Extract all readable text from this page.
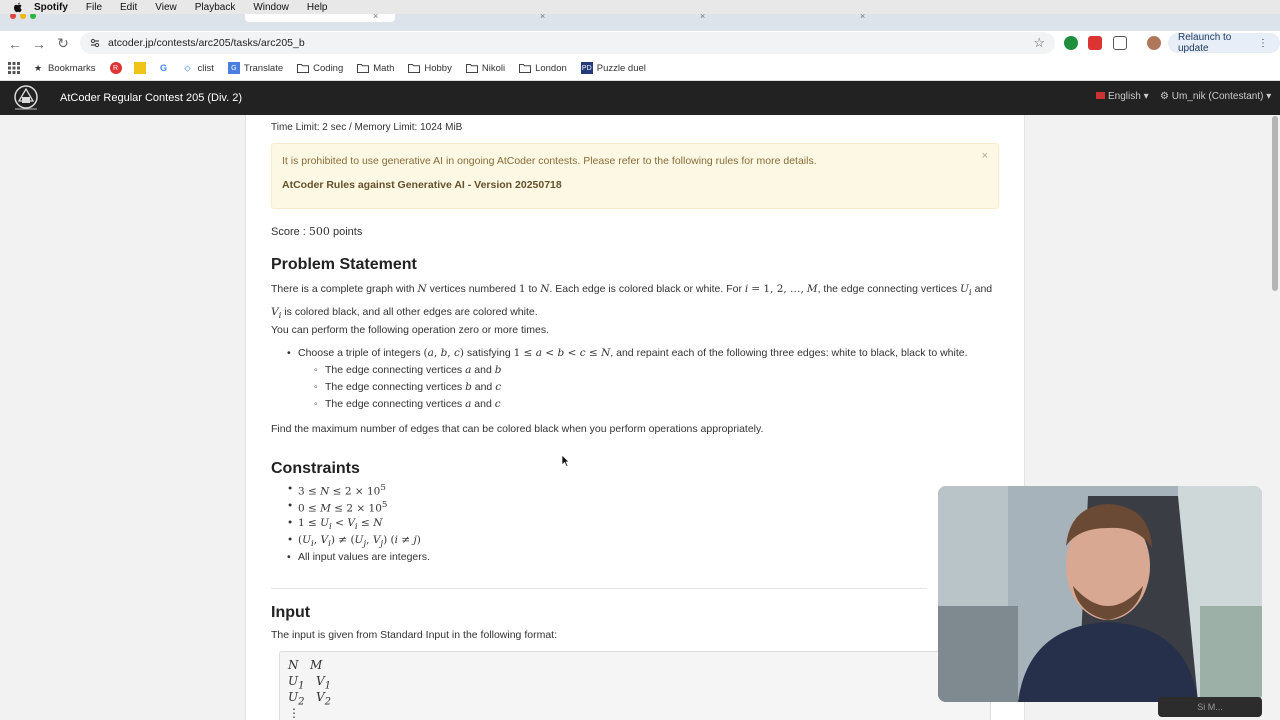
Spotify File Edit View Playback Window Help
×	×	×	×
← → ↻	atcoder.jp/contests/arc205/tasks/arc205_b	☆	Relaunch to update	⋮
★ Bookmarks	R	G	⬦ clist	G Translate	Coding	Math	Hobby	Nikoli	London PD Puzzle duel
AtCoder Regular Contest 205 (Div. 2)	English ▾ ⚙ Um_nik (Contestant) ▾
Time Limit: 2 sec / Memory Limit: 1024 MiB
It is prohibited to use generative AI in ongoing AtCoder contests. Please refer to the following rules for more details.
AtCoder Rules against Generative AI - Version 20250718
×
Score : 500 points
Problem Statement
There is a complete graph with N vertices numbered 1 to N. Each edge is colored black or white. For i = 1, 2, …, M, the edge connecting vertices $U_i$ and
$V_i$ is colored black, and all other edges are colored white.
You can perform the following operation zero or more times.
• Choose a triple of integers (a, b, c) satisfying 1 ≤ a < b < c ≤ N, and repaint each of the following three edges: white to black, black to white.
◦ The edge connecting vertices a and b
◦ The edge connecting vertices b and c
◦ The edge connecting vertices a and c
Find the maximum number of edges that can be colored black when you perform operations appropriately.
Constraints
• $3 \le N \le 2 \times 10^5$
• $0 \le M \le 2 \times 10^5$
• $1 \le U_i < V_i \le N$
• ($U_i$, $V_i) \ne (U_j$, $V_j$) (i ≠ j)
• All input values are integers.
Input
The input is given from Standard Input in the following format:
N   M
$U_1$   $V_1$
$U_2$   $V_2$
⋮	Si M...
